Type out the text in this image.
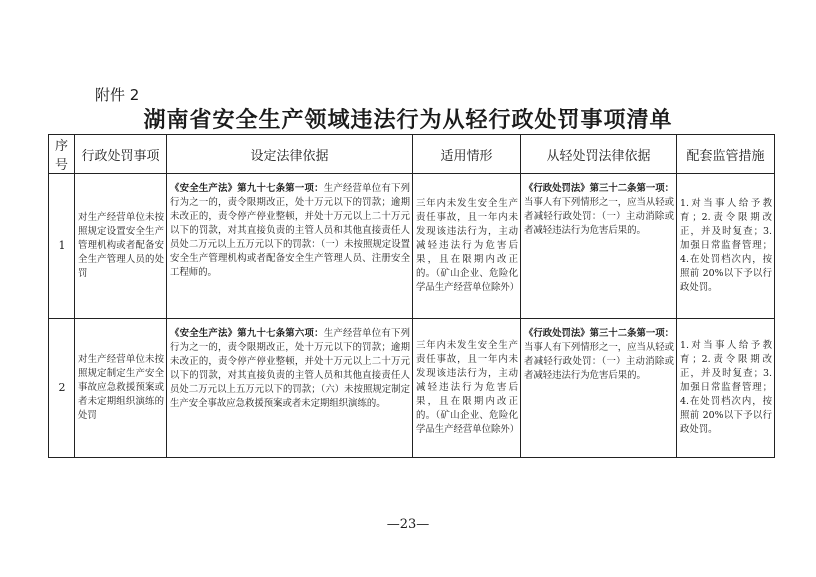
附件 2
湖南省安全生产领域违法行为从轻行政处罚事项清单
序号	行政处罚事项	设定法律依据	适用情形	从轻处罚法律依据	配套监管措施
1	对生产经营单位未按照规定设置安全生产管理机构或者配备安全生产管理人员的处罚	《安全生产法》第九十七条第一项：生产经营单位有下列行为之一的，责令限期改正，处十万元以下的罚款；逾期未改正的，责令停产停业整顿，并处十万元以上二十万元以下的罚款，对其直接负责的主管人员和其他直接责任人员处二万元以上五万元以下的罚款：（一）未按照规定设置安全生产管理机构或者配备安全生产管理人员、注册安全工程师的。	三年内未发生安全生产责任事故，且一年内未发现该违法行为，主动减轻违法行为危害后果，且在限期内改正的。（矿山企业、危险化学品生产经营单位除外）	《行政处罚法》第三十二条第一项：当事人有下列情形之一，应当从轻或者减轻行政处罚：（一）主动消除或者减轻违法行为危害后果的。	1.对当事人给予教育；2.责令限期改正，并及时复查；3.加强日常监督管理；4.在处罚档次内，按照前 20%以下予以行政处罚。
2	对生产经营单位未按照规定制定生产安全事故应急救援预案或者未定期组织演练的处罚	《安全生产法》第九十七条第六项：生产经营单位有下列行为之一的，责令限期改正，处十万元以下的罚款；逾期未改正的，责令停产停业整顿，并处十万元以上二十万元以下的罚款，对其直接负责的主管人员和其他直接责任人员处二万元以上五万元以下的罚款；（六）未按照规定制定生产安全事故应急救援预案或者未定期组织演练的。	三年内未发生安全生产责任事故，且一年内未发现该违法行为，主动减轻违法行为危害后果，且在限期内改正的。（矿山企业、危险化学品生产经营单位除外）	《行政处罚法》第三十二条第一项：当事人有下列情形之一，应当从轻或者减轻行政处罚：（一）主动消除或者减轻违法行为危害后果的。	1.对当事人给予教育；2.责令限期改正，并及时复查；3.加强日常监督管理；4.在处罚档次内，按照前 20%以下予以行政处罚。
—23—
